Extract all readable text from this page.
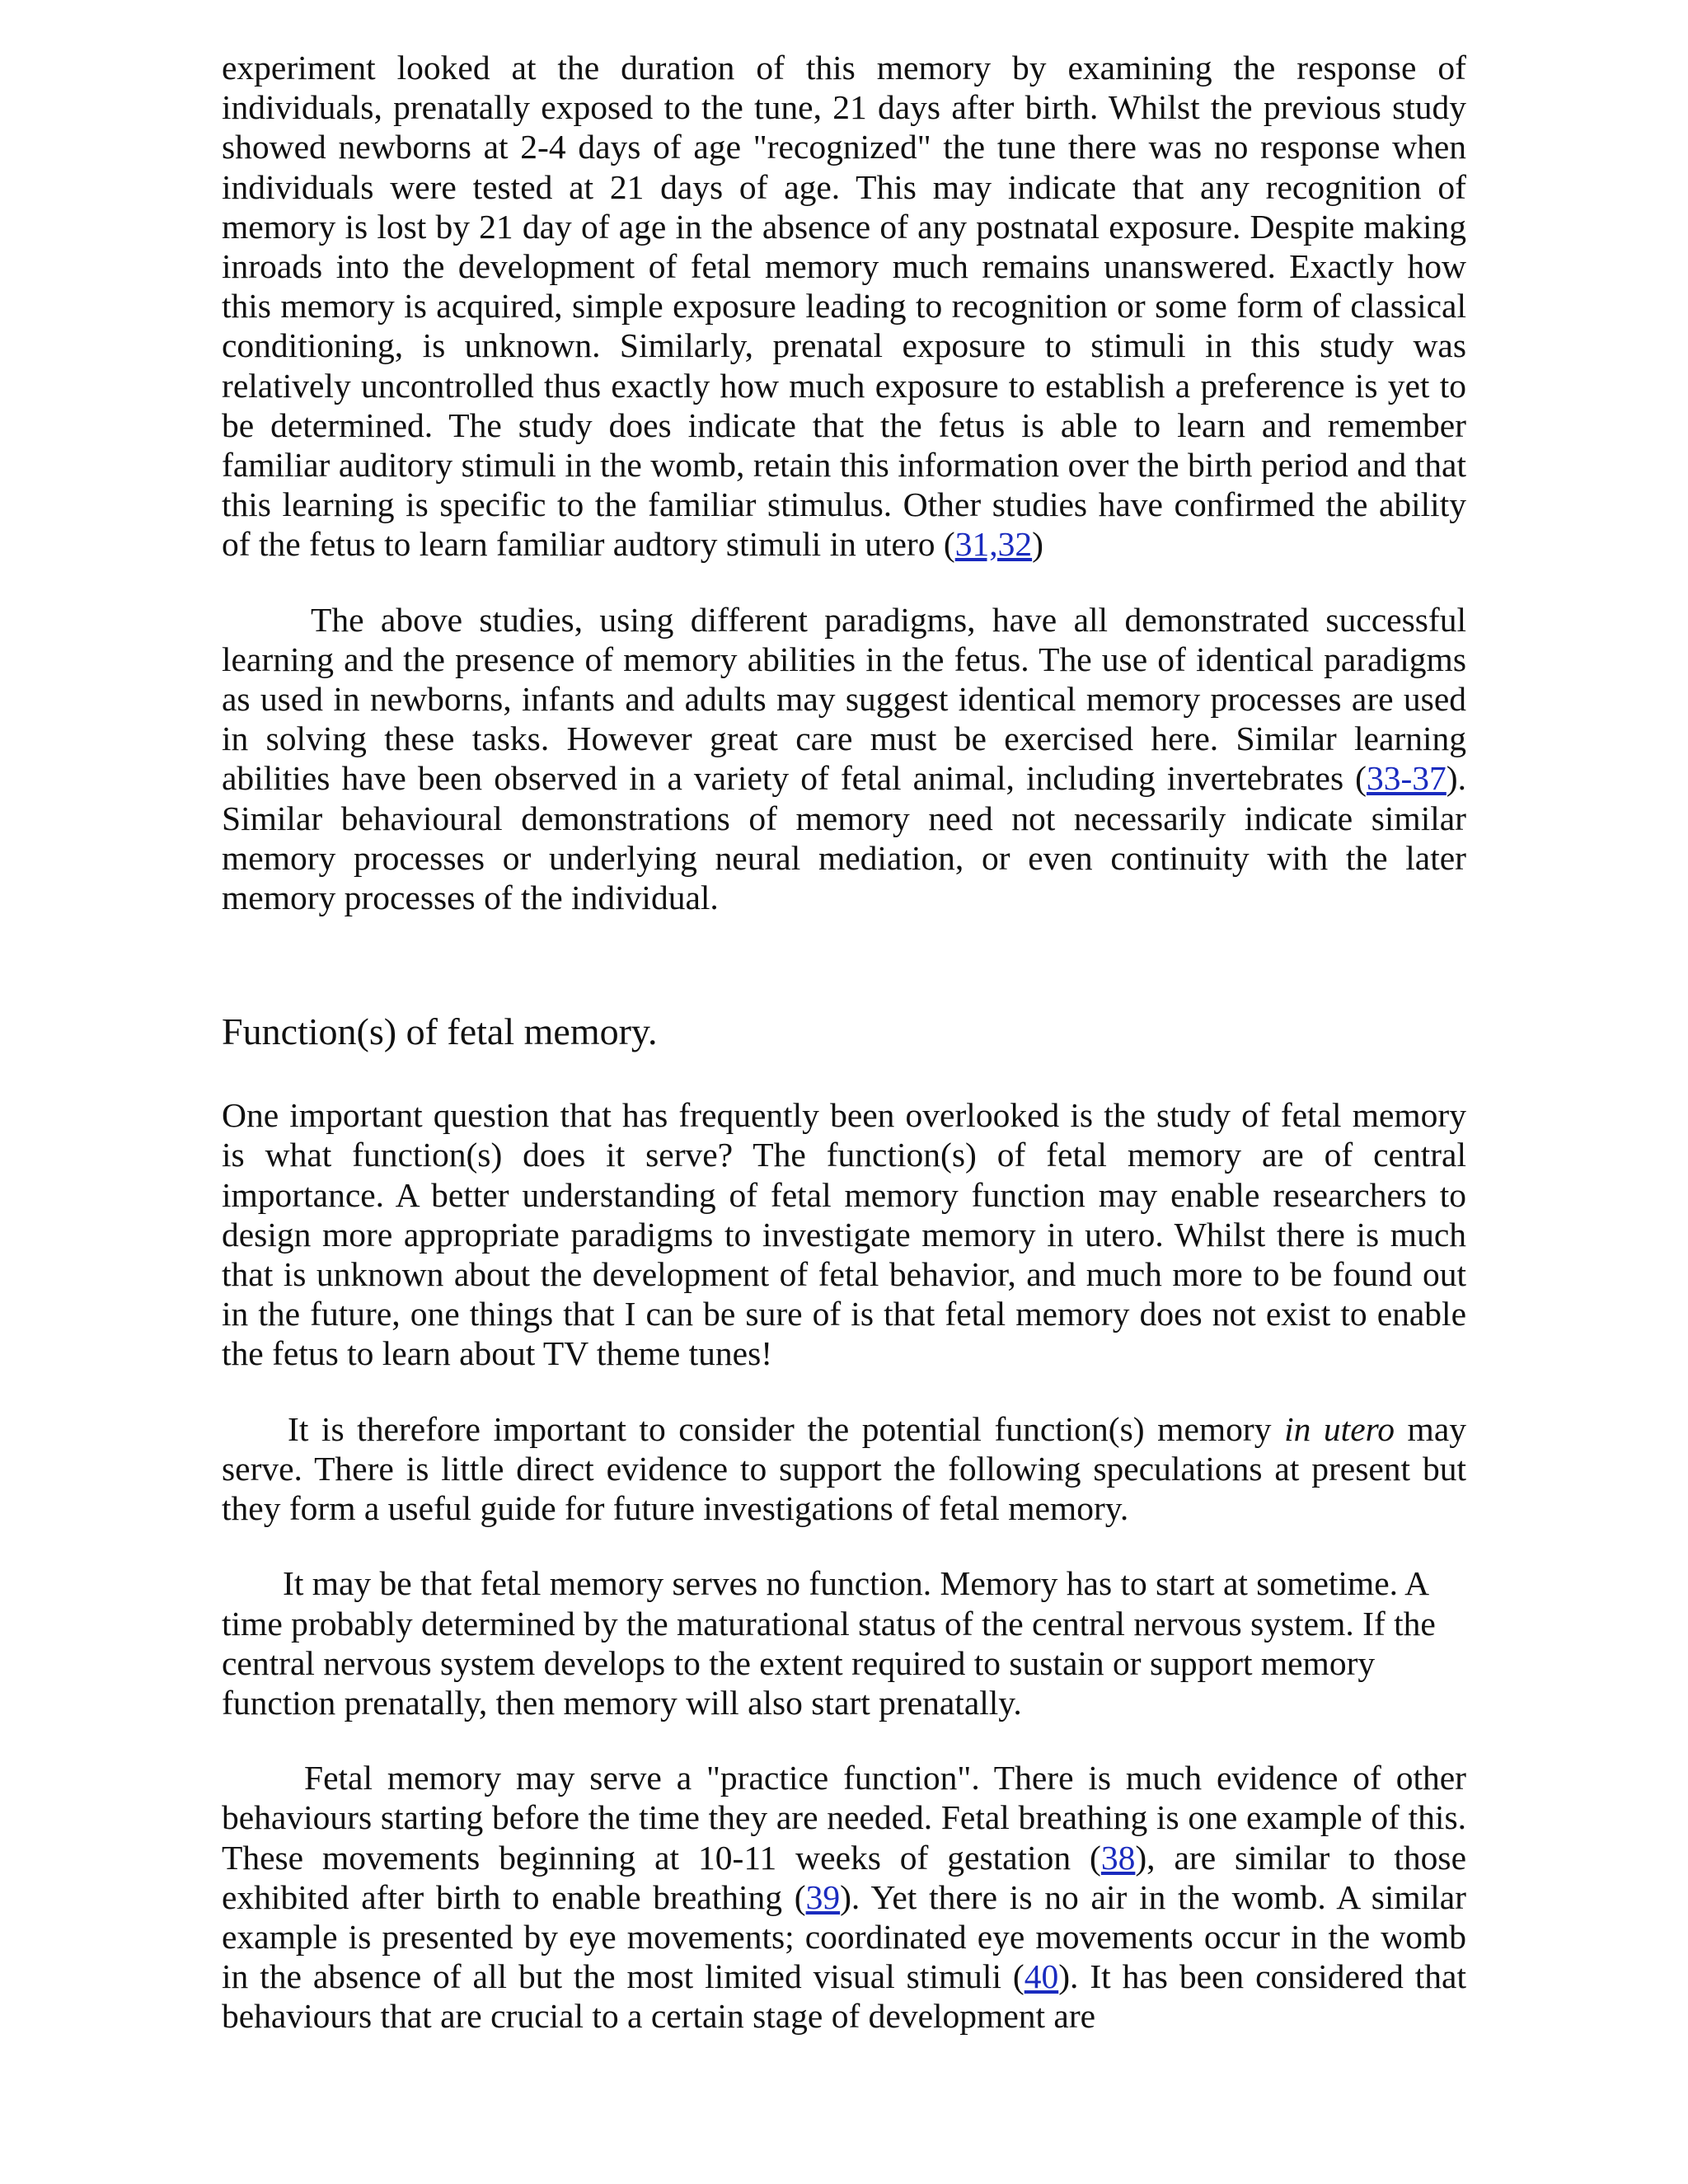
experiment looked at the duration of this memory by examining the response of individuals, prenatally exposed to the tune, 21 days after birth. Whilst the previous study showed newborns at 2-4 days of age "recognized" the tune there was no response when individuals were tested at 21 days of age. This may indicate that any recognition of memory is lost by 21 day of age in the absence of any postnatal exposure. Despite making inroads into the development of fetal memory much remains unanswered. Exactly how this memory is acquired, simple exposure leading to recognition or some form of classical conditioning, is unknown. Similarly, prenatal exposure to stimuli in this study was relatively uncontrolled thus exactly how much exposure to establish a preference is yet to be determined. The study does indicate that the fetus is able to learn and remember familiar auditory stimuli in the womb, retain this information over the birth period and that this learning is specific to the familiar stimulus. Other studies have confirmed the ability of the fetus to learn familiar audtory stimuli in utero (31,32)

The above studies, using different paradigms, have all demonstrated successful learning and the presence of memory abilities in the fetus. The use of identical paradigms as used in newborns, infants and adults may suggest identical memory processes are used in solving these tasks. However great care must be exercised here. Similar learning abilities have been observed in a variety of fetal animal, including invertebrates (33-37). Similar behavioural demonstrations of memory need not necessarily indicate similar memory processes or underlying neural mediation, or even continuity with the later memory processes of the individual.

Function(s) of fetal memory.

One important question that has frequently been overlooked is the study of fetal memory is what function(s) does it serve? The function(s) of fetal memory are of central importance. A better understanding of fetal memory function may enable researchers to design more appropriate paradigms to investigate memory in utero. Whilst there is much that is unknown about the development of fetal behavior, and much more to be found out in the future, one things that I can be sure of is that fetal memory does not exist to enable the fetus to learn about TV theme tunes!

It is therefore important to consider the potential function(s) memory in utero may serve. There is little direct evidence to support the following speculations at present but they form a useful guide for future investigations of fetal memory.

It may be that fetal memory serves no function. Memory has to start at sometime. A time probably determined by the maturational status of the central nervous system. If the central nervous system develops to the extent required to sustain or support memory function prenatally, then memory will also start prenatally.

Fetal memory may serve a "practice function". There is much evidence of other behaviours starting before the time they are needed. Fetal breathing is one example of this. These movements beginning at 10-11 weeks of gestation (38), are similar to those exhibited after birth to enable breathing (39). Yet there is no air in the womb. A similar example is presented by eye movements; coordinated eye movements occur in the womb in the absence of all but the most limited visual stimuli (40). It has been considered that behaviours that are crucial to a certain stage of development are
